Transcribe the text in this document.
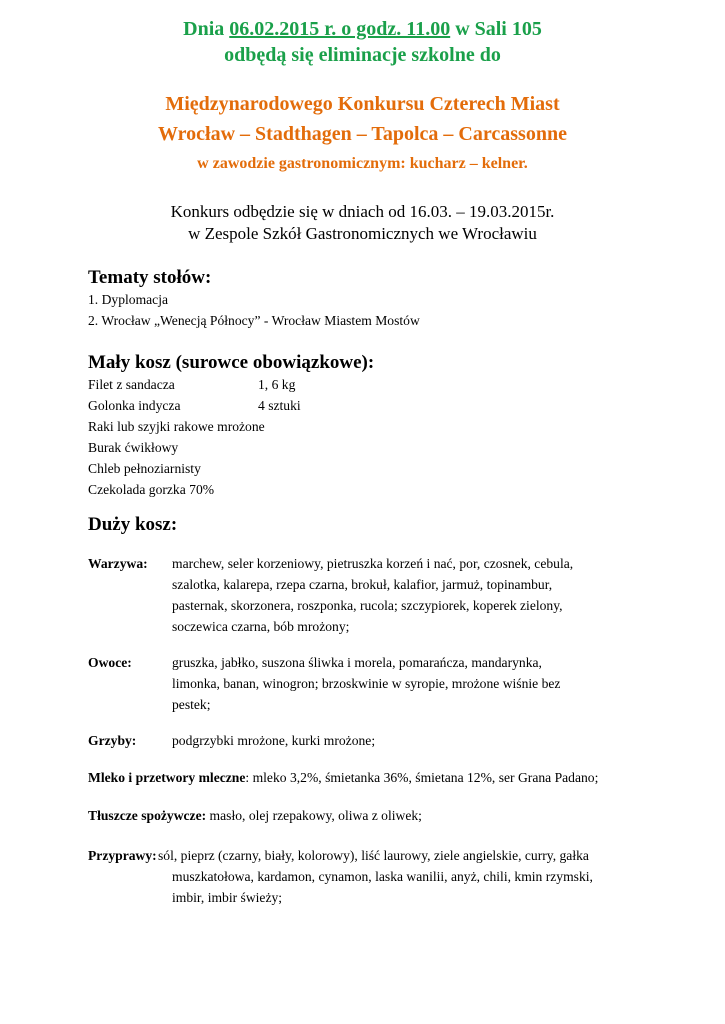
Dnia 06.02.2015 r. o godz. 11.00 w Sali 105
odbędą się eliminacje szkolne do
Międzynarodowego Konkursu Czterech Miast
Wrocław – Stadthagen – Tapolca – Carcassonne
w zawodzie gastronomicznym: kucharz – kelner.
Konkurs odbędzie się w dniach od 16.03. – 19.03.2015r.
w Zespole Szkół Gastronomicznych we Wrocławiu
Tematy stołów:
1. Dyplomacja
2. Wrocław „Wenecją Północy” - Wrocław Miastem Mostów
Mały kosz (surowce obowiązkowe):
Filet z sandacza	1, 6 kg
Golonka indycza	4 sztuki
Raki lub szyjki rakowe mrożone
Burak ćwikłowy
Chleb pełnoziarnisty
Czekolada gorzka 70%
Duży kosz:
Warzywa: marchew, seler korzeniowy, pietruszka korzeń i nać, por, czosnek, cebula,
szalotka, kalarepa, rzepa czarna, brokuł, kalafior, jarmuż, topinambur,
pasternak, skorzonera, roszponka, rucola; szczypiorek, koperek zielony,
soczewica czarna, bób mrożony;
Owoce:	gruszka, jabłko, suszona śliwka i morela, pomarańcza, mandarynka,
limonka, banan, winogron; brzoskwinie w syropie, mrożone wiśnie bez
pestek;
Grzyby:	podgrzybki mrożone, kurki mrożone;
Mleko i przetwory mleczne: mleko 3,2%, śmietanka 36%, śmietana 12%, ser Grana Padano;
Tłuszcze spożywcze: masło, olej rzepakowy, oliwa z oliwek;
Przyprawy: sól, pieprz (czarny, biały, kolorowy), liść laurowy, ziele angielskie, curry, gałka
muszkatołowa, kardamon, cynamon, laska wanilii, anyż, chili, kmin rzymski,
imbir, imbir świeży;
